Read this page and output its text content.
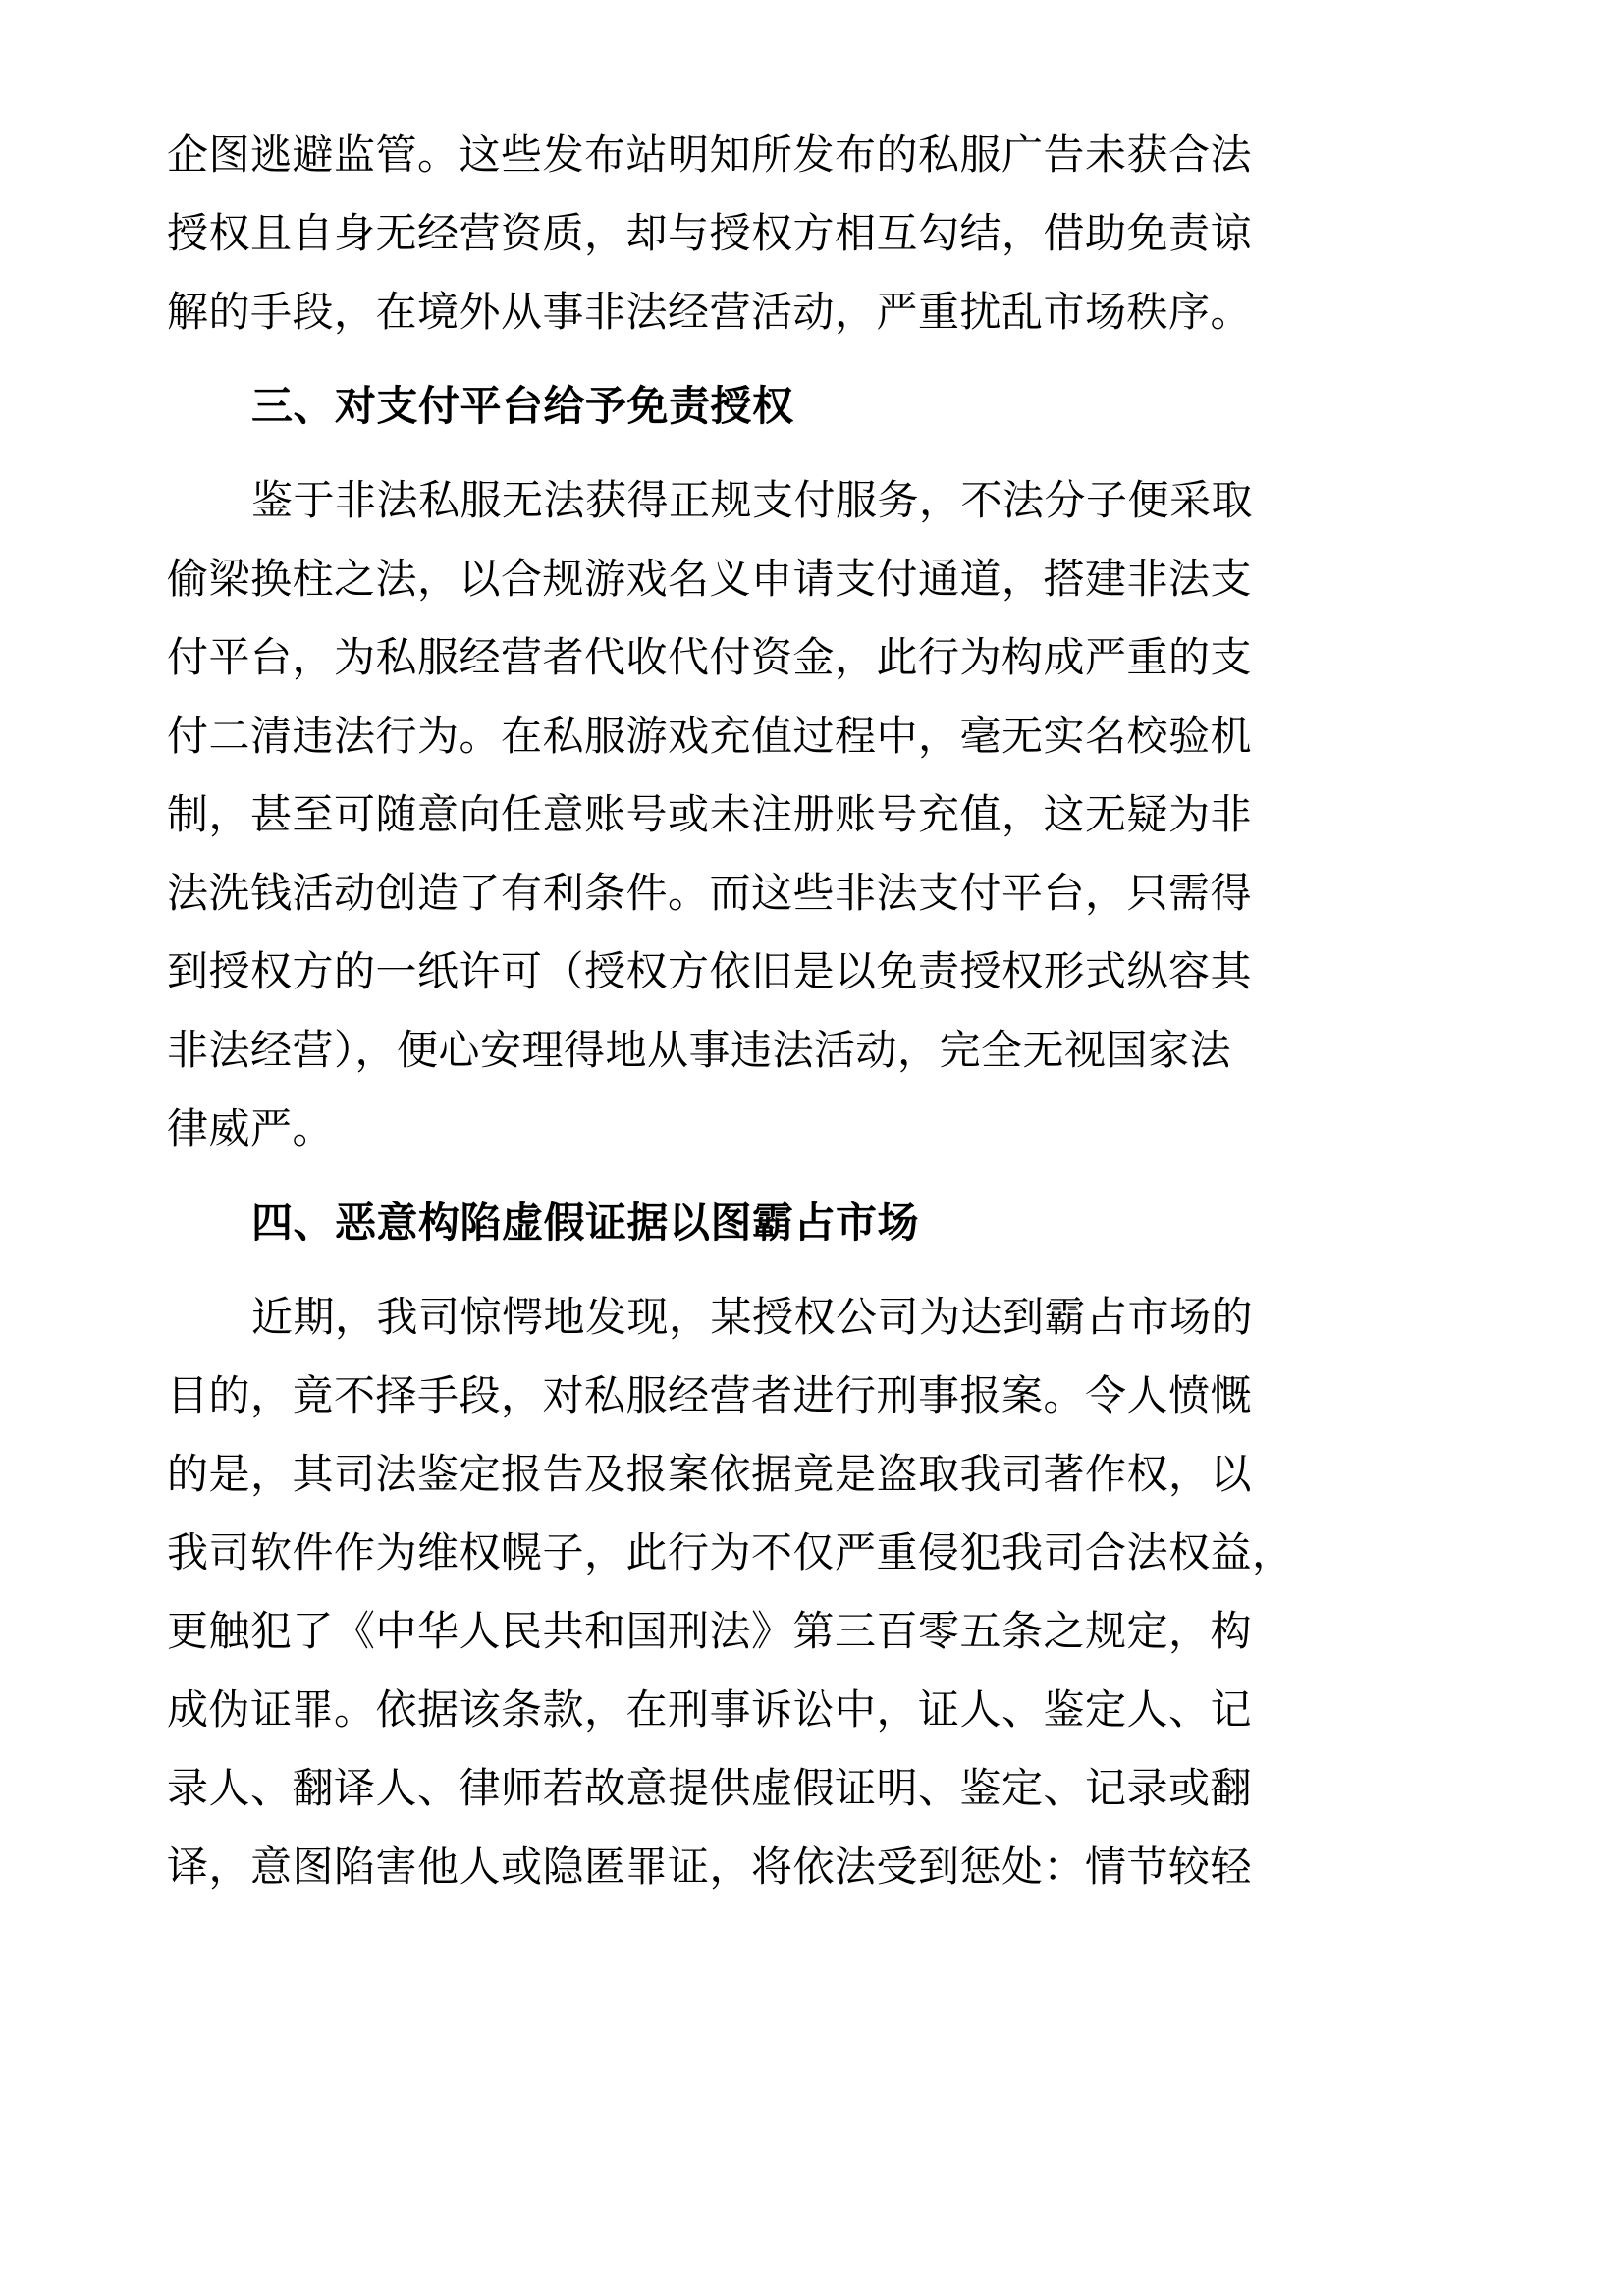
企图逃避监管。这些发布站明知所发布的私服广告未获合法
授权且自身无经营资质，却与授权方相互勾结，借助免责谅
解的手段，在境外从事非法经营活动，严重扰乱市场秩序。
三、对支付平台给予免责授权
鉴于非法私服无法获得正规支付服务，不法分子便采取
偷梁换柱之法，以合规游戏名义申请支付通道，搭建非法支
付平台，为私服经营者代收代付资金，此行为构成严重的支
付二清违法行为。在私服游戏充值过程中，毫无实名校验机
制，甚至可随意向任意账号或未注册账号充值，这无疑为非
法洗钱活动创造了有利条件。而这些非法支付平台，只需得
到授权方的一纸许可（授权方依旧是以免责授权形式纵容其
非法经营），便心安理得地从事违法活动，完全无视国家法
律威严。
四、恶意构陷虚假证据以图霸占市场
近期，我司惊愕地发现，某授权公司为达到霸占市场的
目的，竟不择手段，对私服经营者进行刑事报案。令人愤慨
的是，其司法鉴定报告及报案依据竟是盗取我司著作权，以
我司软件作为维权幌子，此行为不仅严重侵犯我司合法权益，
更触犯了《中华人民共和国刑法》第三百零五条之规定，构
成伪证罪。依据该条款，在刑事诉讼中，证人、鉴定人、记
录人、翻译人、律师若故意提供虚假证明、鉴定、记录或翻
译，意图陷害他人或隐匿罪证，将依法受到惩处：情节较轻
